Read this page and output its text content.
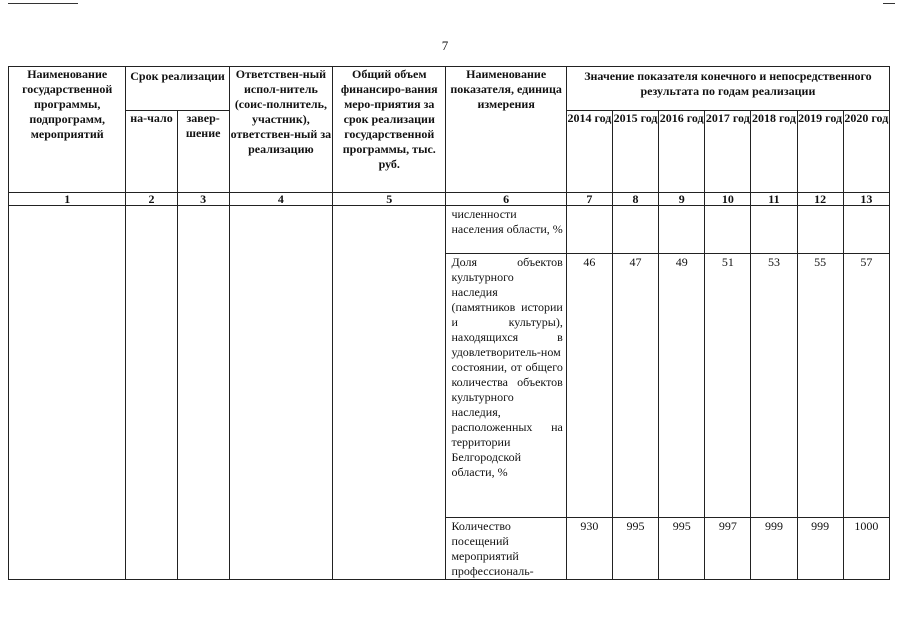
7
Наименование государственной программы, подпрограмм, мероприятий	Срок реализации		Ответствен-ный испол-нитель (соис-полнитель, участник), ответствен-ный за реализацию	Общий объем финансиро-вания меро-приятия за срок реализации государственной программы, тыс. руб.	Наименование показателя, единица измерения	Значение показателя конечного и непосредственного результата по годам реализации						
	на-чало	завер-шение				2014 год	2015 год	2016 год	2017 год	2018 год	2019 год	2020 год
1	2	3	4	5	6	7	8	9	10	11	12	13
					численности населения области, %							
					Доля объектов культурного наследия (памятников истории и культуры), находящихся в удовлетворитель-ном состоянии, от общего количества объектов культурного наследия, расположенных на территории Белгородской области, %	46	47	49	51	53	55	57
					Количество посещений мероприятий профессиональ-	930	995	995	997	999	999	1000
